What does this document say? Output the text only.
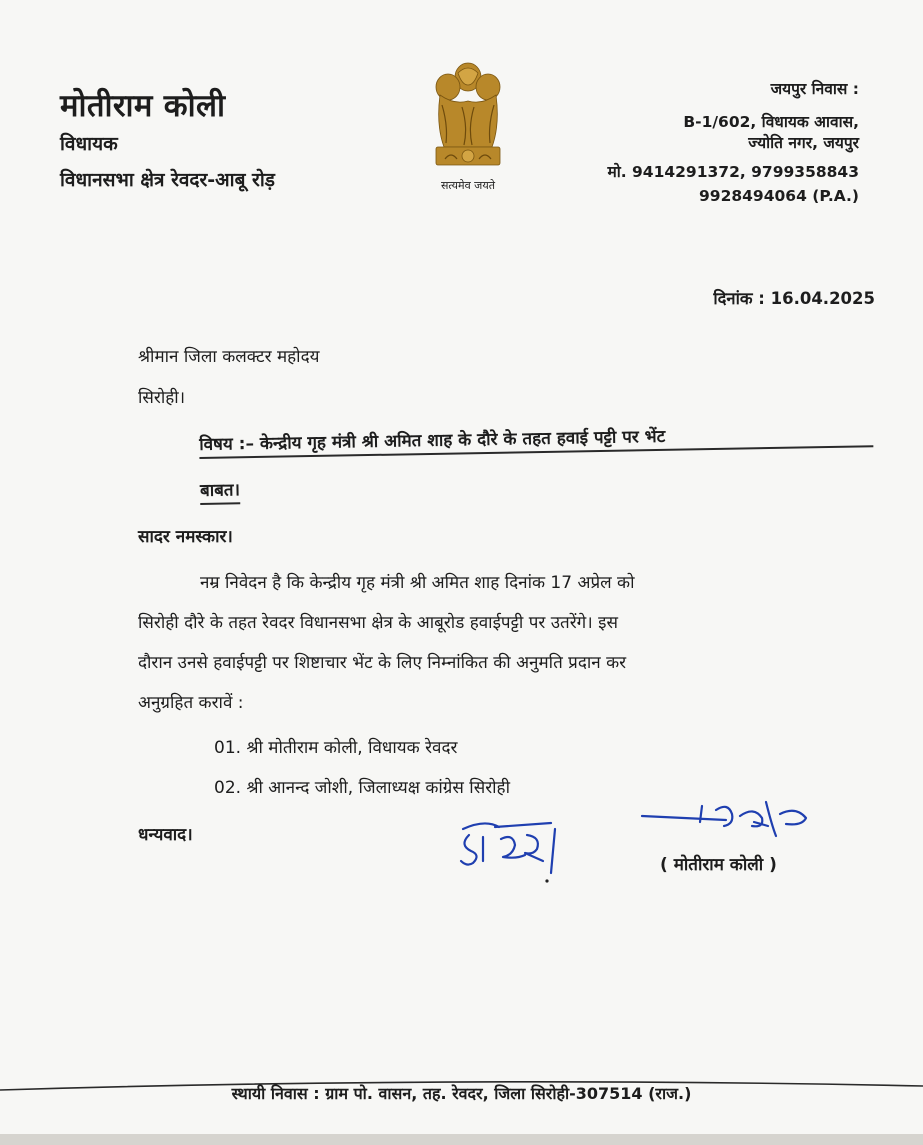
मोतीराम कोली
विधायक
विधानसभा क्षेत्र रेवदर-आबू रोड़	सत्यमेव जयते
जयपुर निवास :
B-1/602, विधायक आवास,
ज्योति नगर, जयपुर
मो. 9414291372, 9799358843
9928494064 (P.A.)
दिनांक : 16.04.2025
श्रीमान जिला कलक्टर महोदय
सिरोही।
विषय :– केन्द्रीय गृह मंत्री श्री अमित शाह के दौरे के तहत हवाई पट्टी पर भेंट
बाबत।
सादर नमस्कार।
नम्र निवेदन है कि केन्द्रीय गृह मंत्री श्री अमित शाह दिनांक 17 अप्रेल को
सिरोही दौरे के तहत रेवदर विधानसभा क्षेत्र के आबूरोड हवाईपट्टी पर उतरेंगे। इस
दौरान उनसे हवाईपट्टी पर शिष्टाचार भेंट के लिए निम्नांकित की अनुमति प्रदान कर
अनुग्रहित करावें :
01. श्री मोतीराम कोली, विधायक रेवदर
02. श्री आनन्द जोशी, जिलाध्यक्ष कांग्रेस सिरोही
धन्यवाद।
( मोतीराम कोली )
स्थायी निवास : ग्राम पो. वासन, तह. रेवदर, जिला सिरोही-307514 (राज.)
